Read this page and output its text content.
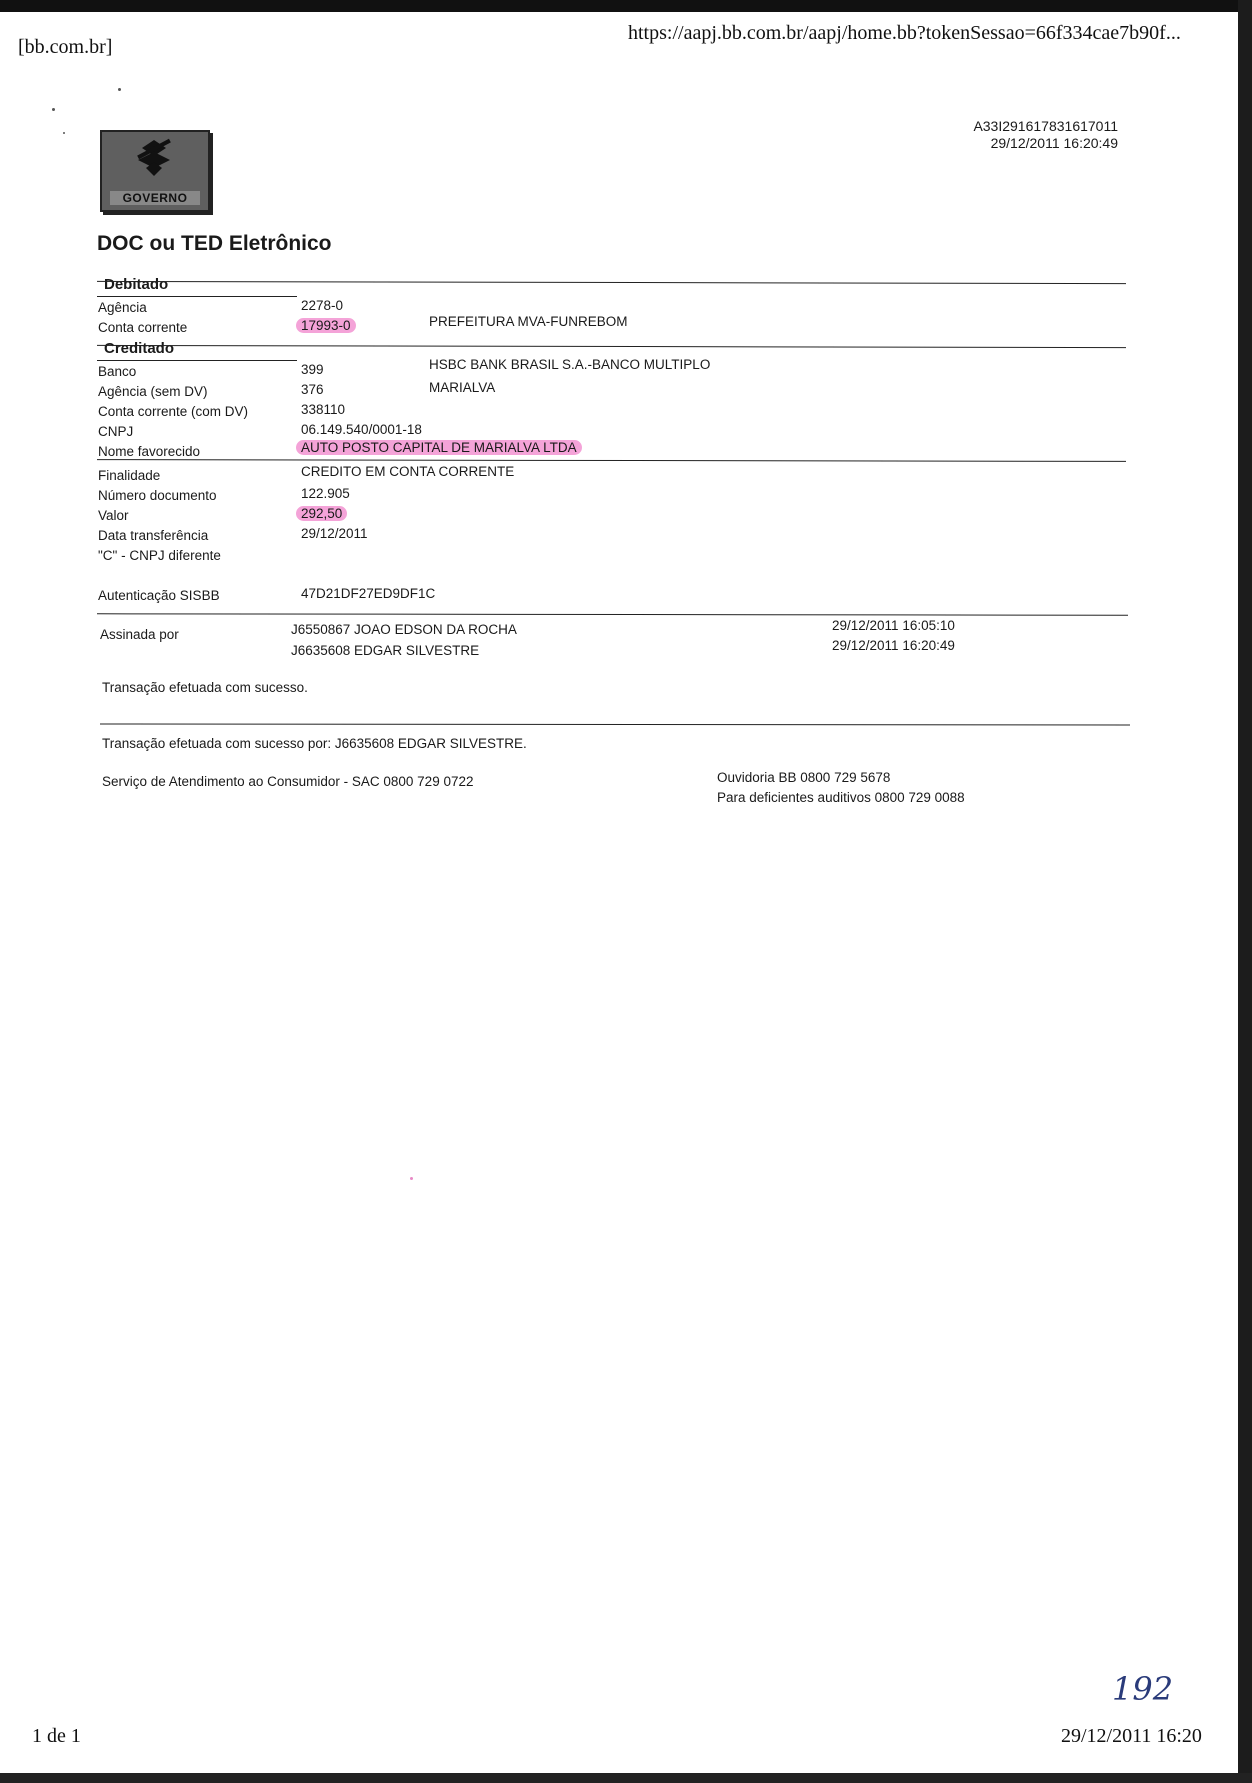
[bb.com.br]
https://aapj.bb.com.br/aapj/home.bb?tokenSessao=66f334cae7b90f...
A33I291617831617011
29/12/2011 16:20:49
GOVERNO
DOC ou TED Eletrônico
Debitado
Agência	2278-0
Conta corrente	17993-0	PREFEITURA MVA-FUNREBOM
Creditado
Banco	399	HSBC BANK BRASIL S.A.-BANCO MULTIPLO
Agência (sem DV)	376	MARIALVA
Conta corrente (com DV)	338110
CNPJ	06.149.540/0001-18
Nome favorecido	AUTO POSTO CAPITAL DE MARIALVA LTDA
Finalidade	CREDITO EM CONTA CORRENTE
Número documento	122.905
Valor	292,50
Data transferência	29/12/2011
"C" - CNPJ diferente
Autenticação SISBB	47D21DF27ED9DF1C
Assinada por	J6550867 JOAO EDSON DA ROCHA	29/12/2011 16:05:10
J6635608 EDGAR SILVESTRE	29/12/2011 16:20:49
Transação efetuada com sucesso.
Transação efetuada com sucesso por: J6635608 EDGAR SILVESTRE.
Serviço de Atendimento ao Consumidor - SAC 0800 729 0722	Ouvidoria BB 0800 729 5678
Para deficientes auditivos 0800 729 0088
192
1 de 1	29/12/2011 16:20
